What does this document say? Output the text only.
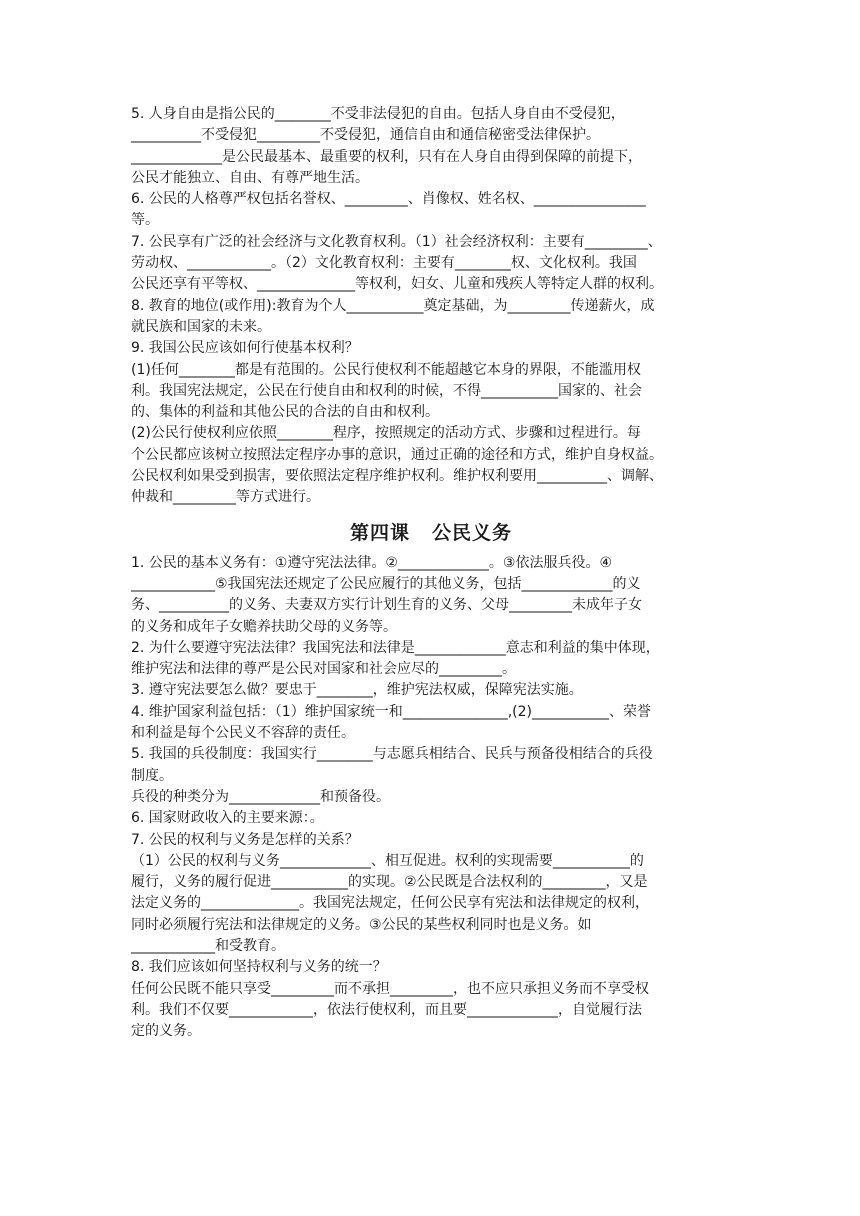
5. 人身自由是指公民的________不受非法侵犯的自由。包括人身自由不受侵犯，

__________不受侵犯_________不受侵犯，通信自由和通信秘密受法律保护。

_____________是公民最基本、最重要的权利，只有在人身自由得到保障的前提下，

公民才能独立、自由、有尊严地生活。

6. 公民的人格尊严权包括名誉权、_________、肖像权、姓名权、________________

等。

7. 公民享有广泛的社会经济与文化教育权利。（1）社会经济权利：主要有_________、

劳动权、____________。（2）文化教育权利：主要有________权、文化权利。我国

公民还享有平等权、______________等权利，妇女、儿童和残疾人等特定人群的权利。

8. 教育的地位(或作用):教育为个人___________奠定基础，为_________传递薪火，成

就民族和国家的未来。

9. 我国公民应该如何行使基本权利？

(1)任何________都是有范围的。公民行使权利不能超越它本身的界限，不能滥用权

利。我国宪法规定，公民在行使自由和权利的时候，不得___________国家的、社会

的、集体的利益和其他公民的合法的自由和权利。

(2)公民行使权利应依照________程序，按照规定的活动方式、步骤和过程进行。每

个公民都应该树立按照法定程序办事的意识，通过正确的途径和方式，维护自身权益。

公民权利如果受到损害，要依照法定程序维护权利。维护权利要用__________、调解、

仲裁和_________等方式进行。

第四课 公民义务

1. 公民的基本义务有：①遵守宪法法律。②_____________。③依法服兵役。④

____________⑤我国宪法还规定了公民应履行的其他义务，包括_____________的义

务、__________的义务、夫妻双方实行计划生育的义务、父母_________未成年子女

的义务和成年子女赡养扶助父母的义务等。

2. 为什么要遵守宪法法律？我国宪法和法律是_____________意志和利益的集中体现，

维护宪法和法律的尊严是公民对国家和社会应尽的_________。

3. 遵守宪法要怎么做？要忠于________，维护宪法权威，保障宪法实施。

4. 维护国家利益包括：（1）维护国家统一和_______________,(2)___________、荣誉

和利益是每个公民义不容辞的责任。

5. 我国的兵役制度：我国实行________与志愿兵相结合、民兵与预备役相结合的兵役

制度。

兵役的种类分为_____________和预备役。

6. 国家财政收入的主要来源：。

7. 公民的权利与义务是怎样的关系？

（1）公民的权利与义务_____________、相互促进。权利的实现需要___________的

履行，义务的履行促进___________的实现。②公民既是合法权利的_________，又是

法定义务的______________。我国宪法规定，任何公民享有宪法和法律规定的权利，

同时必须履行宪法和法律规定的义务。③公民的某些权利同时也是义务。如

____________和受教育。

8. 我们应该如何坚持权利与义务的统一？

任何公民既不能只享受_________而不承担_________，也不应只承担义务而不享受权

利。我们不仅要____________，依法行使权利，而且要_____________，自觉履行法

定的义务。
